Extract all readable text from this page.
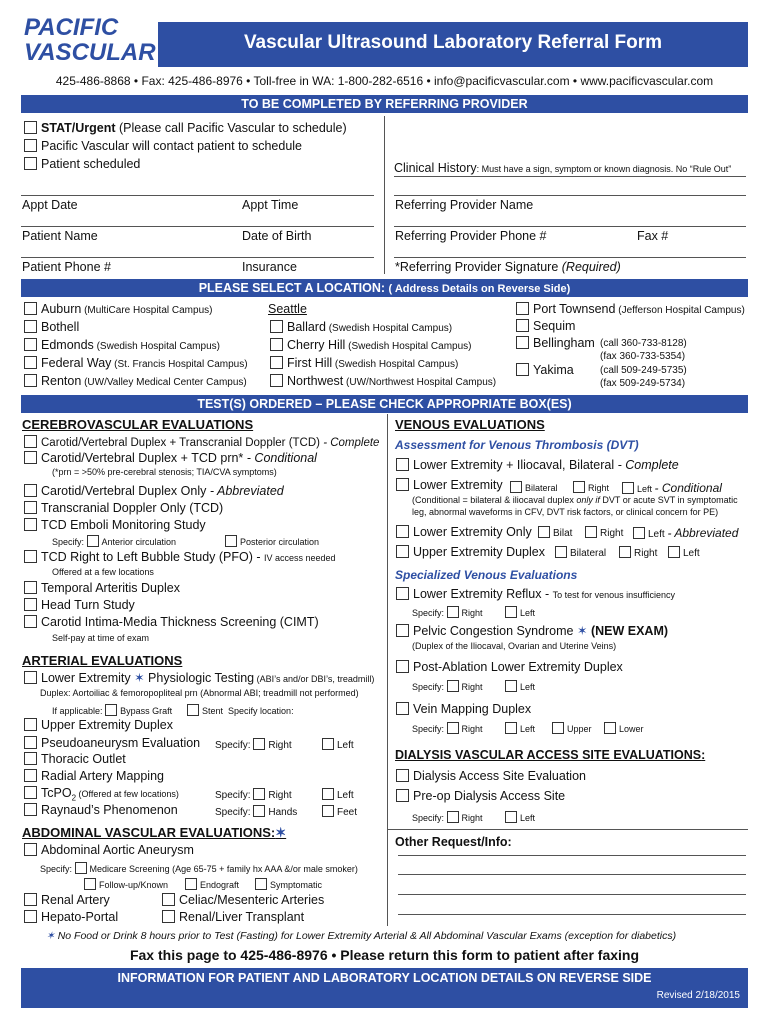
PACIFIC
VASCULAR	Vascular Ultrasound Laboratory Referral Form
425-486-8868 • Fax: 425-486-8976 • Toll-free in WA: 1-800-282-6516 • info@pacificvascular.com • www.pacificvascular.com
TO BE COMPLETED BY REFERRING PROVIDER
STAT/Urgent (Please call Pacific Vascular to schedule)
Pacific Vascular will contact patient to schedule
Patient scheduled	Clinical History: Must have a sign, symptom or known diagnosis. No “Rule Out”
Appt Date	Appt Time	Referring Provider Name
Patient Name	Date of Birth	Referring Provider Phone #	Fax #
Patient Phone #	Insurance	*Referring Provider Signature (Required)
PLEASE SELECT A LOCATION: ( Address Details on Reverse Side)
Auburn (MultiCare Hospital Campus)
Bothell
Edmonds (Swedish Hospital Campus)
Federal Way (St. Francis Hospital Campus)
Renton (UW/Valley Medical Center Campus)
Seattle
Ballard (Swedish Hospital Campus)
Cherry Hill (Swedish Hospital Campus)
First Hill (Swedish Hospital Campus)
Northwest (UW/Northwest Hospital Campus)
Port Townsend (Jefferson Hospital Campus)
Sequim
Bellingham (call 360-733-8128)
(fax 360-733-5354)
Yakima	(call 509-249-5735)
(fax 509-249-5734)
TEST(S) ORDERED – PLEASE CHECK APPROPRIATE BOX(ES)
CEREBROVASCULAR EVALUATIONS
Carotid/Vertebral Duplex + Transcranial Doppler (TCD) - Complete
Carotid/Vertebral Duplex + TCD prn* - Conditional
(*prn = >50% pre-cerebral stenosis; TIA/CVA symptoms)
Carotid/Vertebral Duplex Only - Abbreviated
Transcranial Doppler Only (TCD)
TCD Emboli Monitoring Study
Specify: Anterior circulation	Posterior circulation
TCD Right to Left Bubble Study (PFO) - IV access needed
Offered at a few locations
Temporal Arteritis Duplex
Head Turn Study
Carotid Intima-Media Thickness Screening (CIMT)
Self-pay at time of exam
ARTERIAL EVALUATIONS
Lower Extremity ✶ Physiologic Testing (ABI’s and/or DBI’s, treadmill)
Duplex: Aortoiliac & femoropopliteal prn (Abnormal ABI; treadmill not performed)
If applicable: Bypass Graft	Stent Specify location:
Upper Extremity Duplex
Pseudoaneurysm Evaluation Specify: Right	Left
Thoracic Outlet
Radial Artery Mapping
TcPO$_2$ (Offered at few locations)	Specify: Right	Left
Raynaud’s Phenomenon	Specify: Hands	Feet
ABDOMINAL VASCULAR EVALUATIONS:✶
Abdominal Aortic Aneurysm
Specify: Medicare Screening (Age 65-75 + family hx AAA &/or male smoker)
Follow-up/Known	Endograft	Symptomatic
Renal Artery	Celiac/Mesenteric Arteries
Hepato-Portal	Renal/Liver Transplant
VENOUS EVALUATIONS
Assessment for Venous Thrombosis (DVT)
Lower Extremity + Iliocaval, Bilateral - Complete
Lower Extremity	Bilateral	Right	Left - Conditional
(Conditional = bilateral & iliocaval duplex only if DVT or acute SVT in symptomatic
leg, abnormal waveforms in CFV, DVT risk factors, or clinical concern for PE)
Lower Extremity Only	Bilat	Right	Left - Abbreviated
Upper Extremity Duplex	Bilateral	Right	Left
Specialized Venous Evaluations
Lower Extremity Reflux - To test for venous insufficiency
Specify: Right	Left
Pelvic Congestion Syndrome ✶ (NEW EXAM)
(Duplex of the Iliocaval, Ovarian and Uterine Veins)
Post-Ablation Lower Extremity Duplex
Specify: Right	Left
Vein Mapping Duplex
Specify: Right	Left	Upper	Lower
DIALYSIS VASCULAR ACCESS SITE EVALUATIONS:
Dialysis Access Site Evaluation
Pre-op Dialysis Access Site
Specify: Right	Left
Other Request/Info:
✶ No Food or Drink 8 hours prior to Test (Fasting) for Lower Extremity Arterial & All Abdominal Vascular Exams (exception for diabetics)
Fax this page to 425-486-8976 • Please return this form to patient after faxing
INFORMATION FOR PATIENT AND LABORATORY LOCATION DETAILS ON REVERSE SIDE
Revised 2/18/2015
